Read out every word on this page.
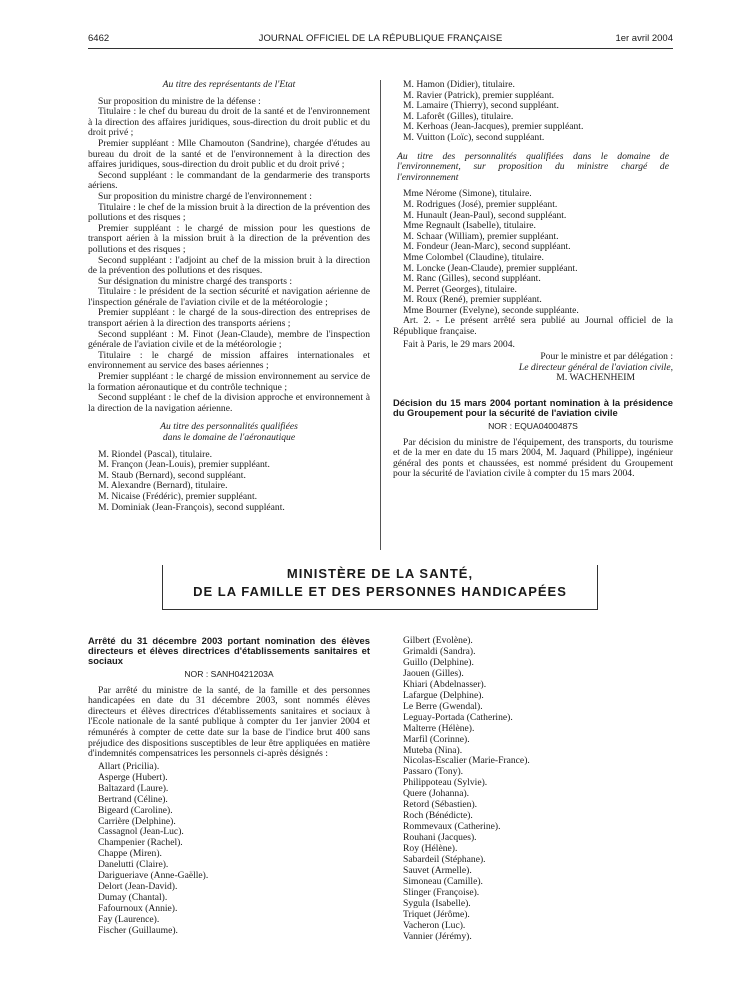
6462	JOURNAL OFFICIEL DE LA RÉPUBLIQUE FRANÇAISE	1er avril 2004

Au titre des représentants de l'Etat

Sur proposition du ministre de la défense :

Titulaire : le chef du bureau du droit de la santé et de l'environnement à la direction des affaires juridiques, sous-direction du droit public et du droit privé ;

Premier suppléant : Mlle Chamouton (Sandrine), chargée d'études au bureau du droit de la santé et de l'environnement à la direction des affaires juridiques, sous-direction du droit public et du droit privé ;

Second suppléant : le commandant de la gendarmerie des transports aériens.

Sur proposition du ministre chargé de l'environnement :

Titulaire : le chef de la mission bruit à la direction de la prévention des pollutions et des risques ;

Premier suppléant : le chargé de mission pour les questions de transport aérien à la mission bruit à la direction de la prévention des pollutions et des risques ;

Second suppléant : l'adjoint au chef de la mission bruit à la direction de la prévention des pollutions et des risques.

Sur désignation du ministre chargé des transports :

Titulaire : le président de la section sécurité et navigation aérienne de l'inspection générale de l'aviation civile et de la météorologie ;

Premier suppléant : le chargé de la sous-direction des entreprises de transport aérien à la direction des transports aériens ;

Second suppléant : M. Finot (Jean-Claude), membre de l'inspection générale de l'aviation civile et de la météorologie ;

Titulaire : le chargé de mission affaires internationales et environnement au service des bases aériennes ;

Premier suppléant : le chargé de mission environnement au service de la formation aéronautique et du contrôle technique ;

Second suppléant : le chef de la division approche et environnement à la direction de la navigation aérienne.

Au titre des personnalités qualifiées

dans le domaine de l'aéronautique

M. Riondel (Pascal), titulaire.

M. Françon (Jean-Louis), premier suppléant.

M. Staub (Bernard), second suppléant.

M. Alexandre (Bernard), titulaire.

M. Nicaise (Frédéric), premier suppléant.

M. Dominiak (Jean-François), second suppléant.

M. Hamon (Didier), titulaire.

M. Ravier (Patrick), premier suppléant.

M. Lamaire (Thierry), second suppléant.

M. Laforêt (Gilles), titulaire.

M. Kerhoas (Jean-Jacques), premier suppléant.

M. Vuitton (Loïc), second suppléant.

Au titre des personnalités qualifiées dans le domaine de l'environnement, sur proposition du ministre chargé de l'environnement

Mme Nérome (Simone), titulaire.

M. Rodrigues (José), premier suppléant.

M. Hunault (Jean-Paul), second suppléant.

Mme Regnault (Isabelle), titulaire.

M. Schaar (William), premier suppléant.

M. Fondeur (Jean-Marc), second suppléant.

Mme Colombel (Claudine), titulaire.

M. Loncke (Jean-Claude), premier suppléant.

M. Ranc (Gilles), second suppléant.

M. Perret (Georges), titulaire.

M. Roux (René), premier suppléant.

Mme Bourner (Evelyne), seconde suppléante.

Art. 2. - Le présent arrêté sera publié au Journal officiel de la République française.

Fait à Paris, le 29 mars 2004.

Pour le ministre et par délégation :

Le directeur général de l'aviation civile,

M. WACHENHEIM

Décision du 15 mars 2004 portant nomination à la présidence du Groupement pour la sécurité de l'aviation civile

NOR : EQUA0400487S

Par décision du ministre de l'équipement, des transports, du tourisme et de la mer en date du 15 mars 2004, M. Jaquard (Philippe), ingénieur général des ponts et chaussées, est nommé président du Groupement pour la sécurité de l'aviation civile à compter du 15 mars 2004.

MINISTÈRE DE LA SANTÉ,
DE LA FAMILLE ET DES PERSONNES HANDICAPÉES

Arrêté du 31 décembre 2003 portant nomination des élèves directeurs et élèves directrices d'établissements sanitaires et sociaux

NOR : SANH0421203A

Par arrêté du ministre de la santé, de la famille et des personnes handicapées en date du 31 décembre 2003, sont nommés élèves directeurs et élèves directrices d'établissements sanitaires et sociaux à l'Ecole nationale de la santé publique à compter du 1er janvier 2004 et rémunérés à compter de cette date sur la base de l'indice brut 400 sans préjudice des dispositions susceptibles de leur être appliquées en matière d'indemnités compensatrices les personnels ci-après désignés :

Allart (Pricilia).

Asperge (Hubert).

Baltazard (Laure).

Bertrand (Céline).

Bigeard (Caroline).

Carrière (Delphine).

Cassagnol (Jean-Luc).

Champenier (Rachel).

Chappe (Miren).

Danelutti (Claire).

Darigueriave (Anne-Gaëlle).

Delort (Jean-David).

Dumay (Chantal).

Fafournoux (Annie).

Fay (Laurence).

Fischer (Guillaume).

Gilbert (Evolène).

Grimaldi (Sandra).

Guillo (Delphine).

Jaouen (Gilles).

Khiari (Abdelnasser).

Lafargue (Delphine).

Le Berre (Gwendal).

Leguay-Portada (Catherine).

Malterre (Hélène).

Marfil (Corinne).

Muteba (Nina).

Nicolas-Escalier (Marie-France).

Passaro (Tony).

Philippoteau (Sylvie).

Quere (Johanna).

Retord (Sébastien).

Roch (Bénédicte).

Rommevaux (Catherine).

Rouhani (Jacques).

Roy (Hélène).

Sabardeil (Stéphane).

Sauvet (Armelle).

Simoneau (Camille).

Slinger (Françoise).

Sygula (Isabelle).

Triquet (Jérôme).

Vacheron (Luc).

Vannier (Jérémy).
